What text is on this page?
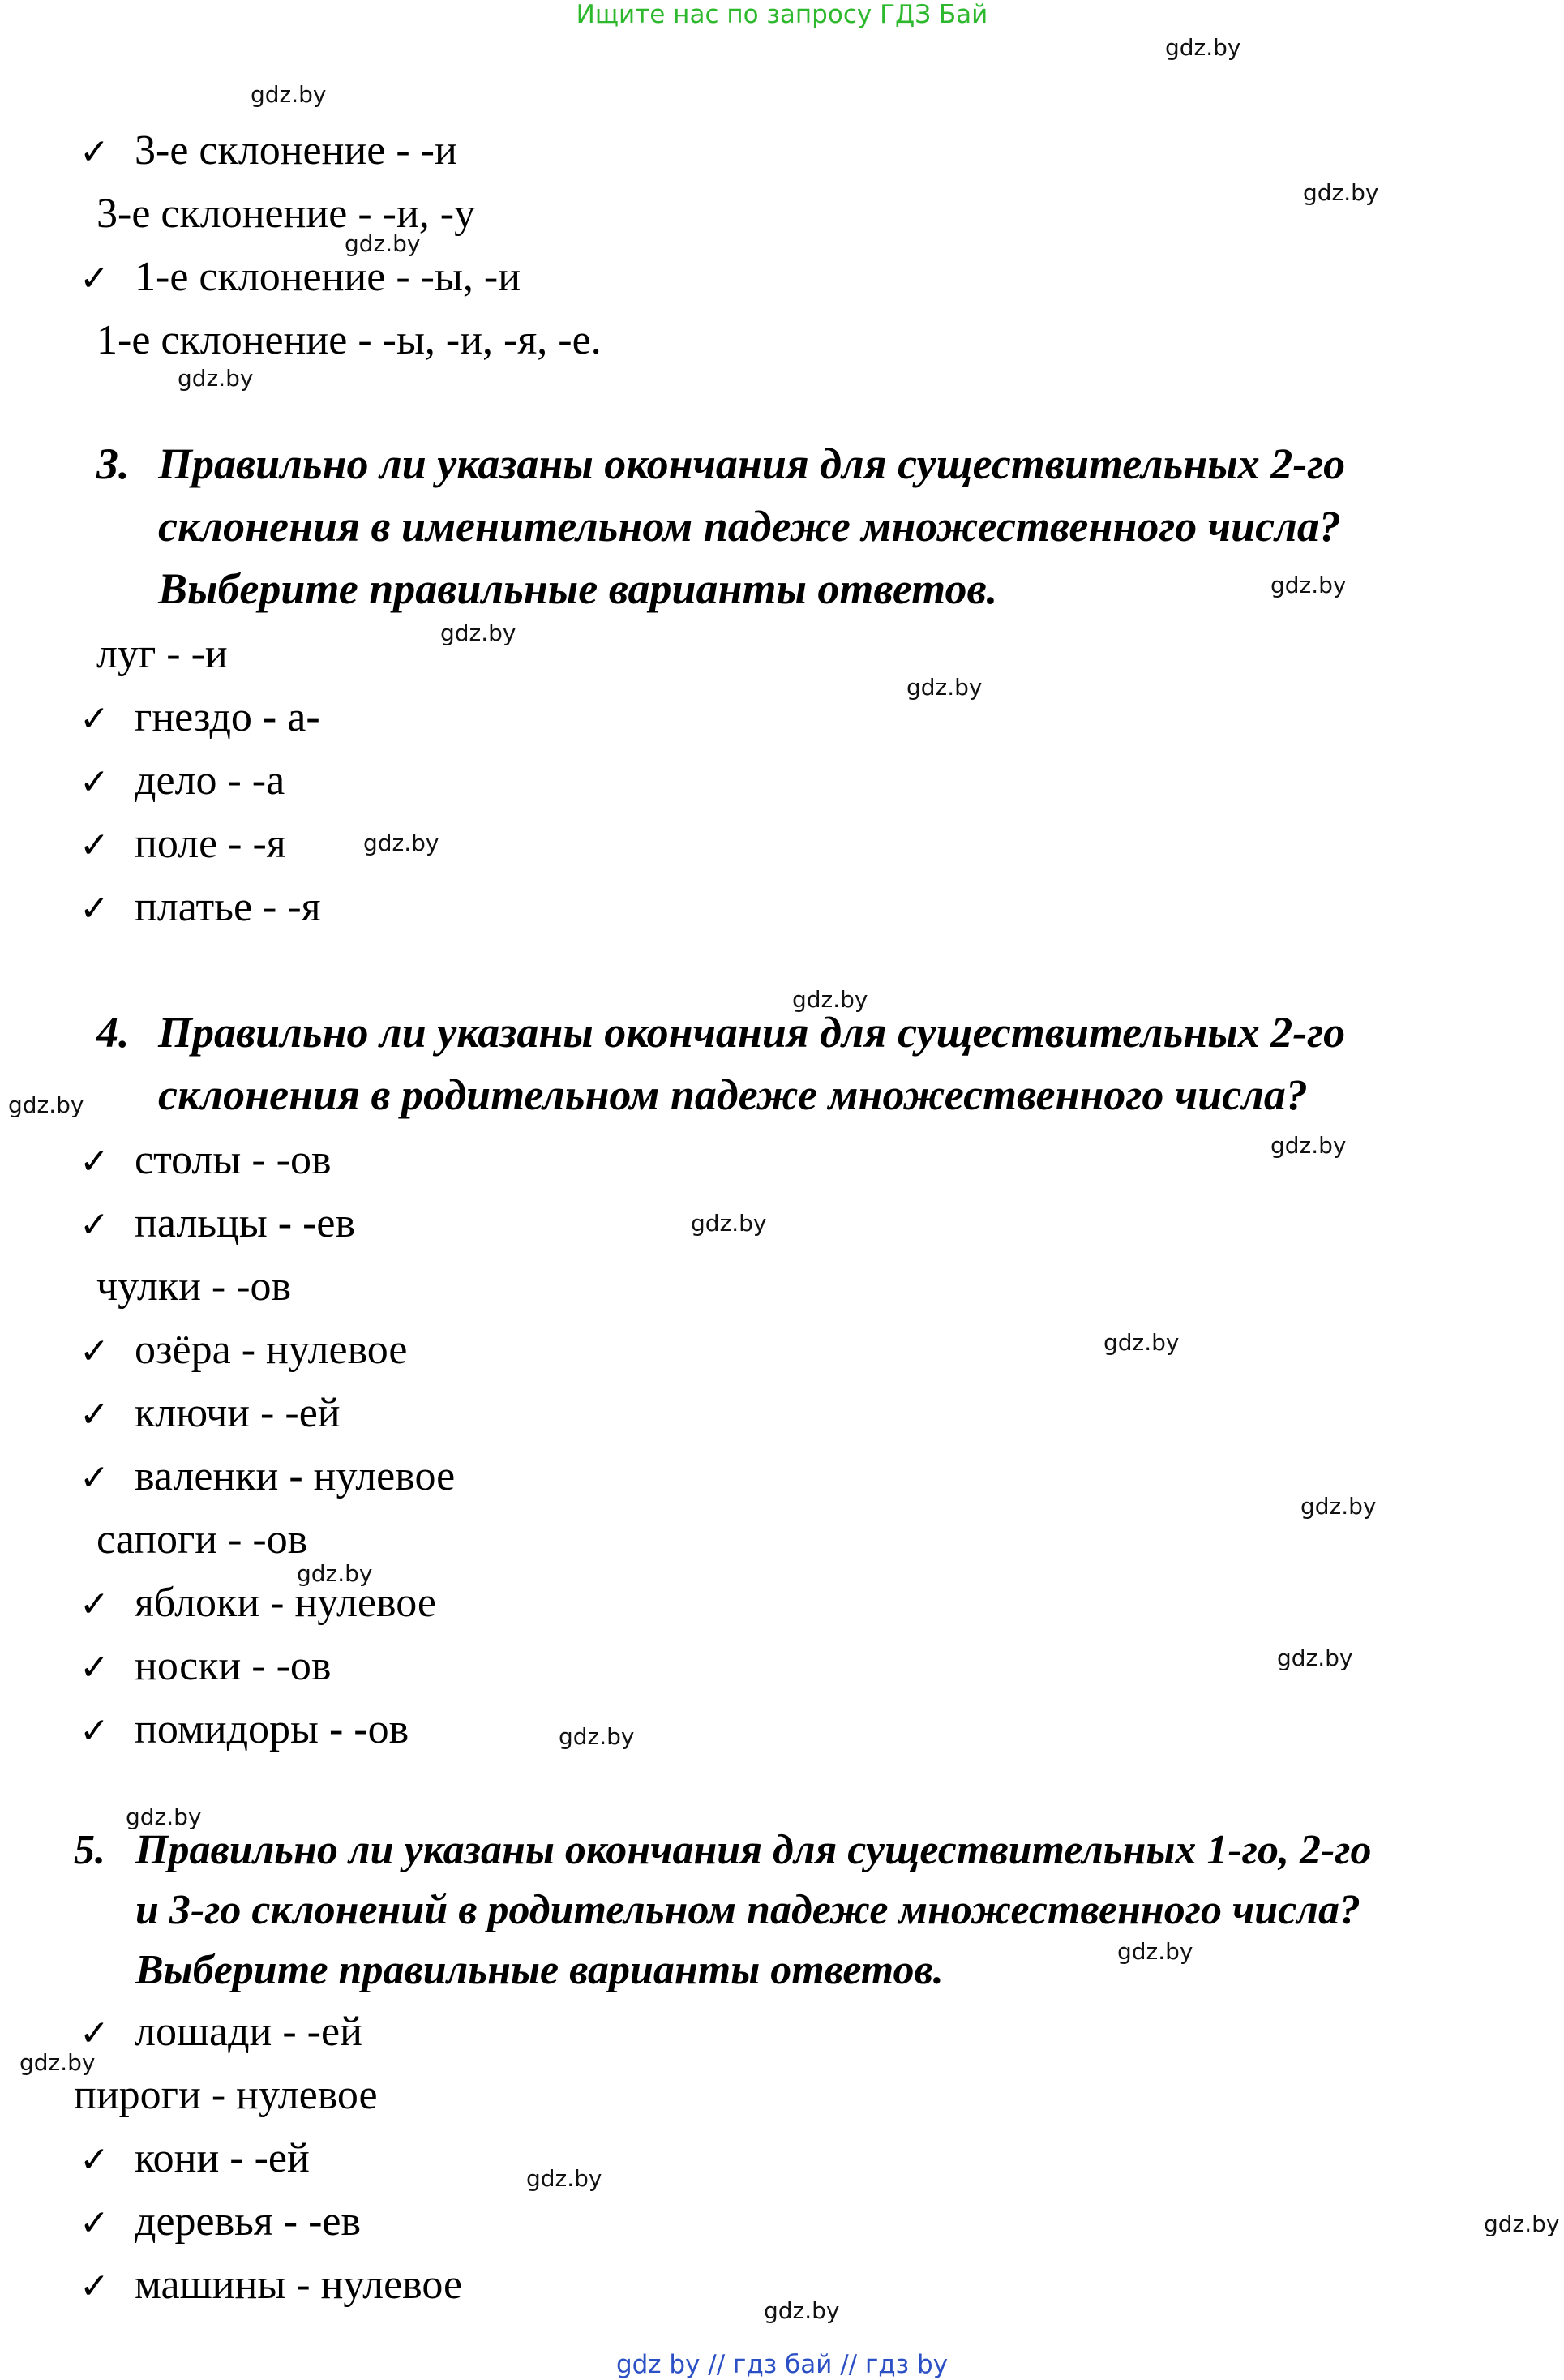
Ищите нас по запросу ГДЗ Бай
✓ 3-е склонение - -и
3-е склонение - -и, -у
✓ 1-е склонение - -ы, -и
1-е склонение - -ы, -и, -я, -е.
3. Правильно ли указаны окончания для существительных 2-го
склонения в именительном падеже множественного числа?
Выберите правильные варианты ответов.
луг - -и
✓ гнездо - а-
✓ дело - -а
✓ поле - -я
✓ платье - -я
4. Правильно ли указаны окончания для существительных 2-го
склонения в родительном падеже множественного числа?
✓ столы - -ов
✓ пальцы - -ев
чулки - -ов
✓ озёра - нулевое
✓ ключи - -ей
✓ валенки - нулевое
сапоги - -ов
✓ яблоки - нулевое
✓ носки - -ов
✓ помидоры - -ов
5. Правильно ли указаны окончания для существительных 1-го, 2-го
и 3-го склонений в родительном падеже множественного числа?
Выберите правильные варианты ответов.
✓ лошади - -ей
пироги - нулевое
✓ кони - -ей
✓ деревья - -ев
✓ машины - нулевое
gdz.by
gdz.by
gdz.by
gdz.by
gdz.by
gdz.by
gdz.by
gdz.by
gdz.by
gdz.by
gdz.by
gdz.by
gdz.by
gdz.by
gdz.by
gdz.by
gdz.by
gdz.by
gdz.by
gdz.by
gdz.by
gdz.by
gdz.by
gdz.by
gdz by // гдз бай // гдз by
